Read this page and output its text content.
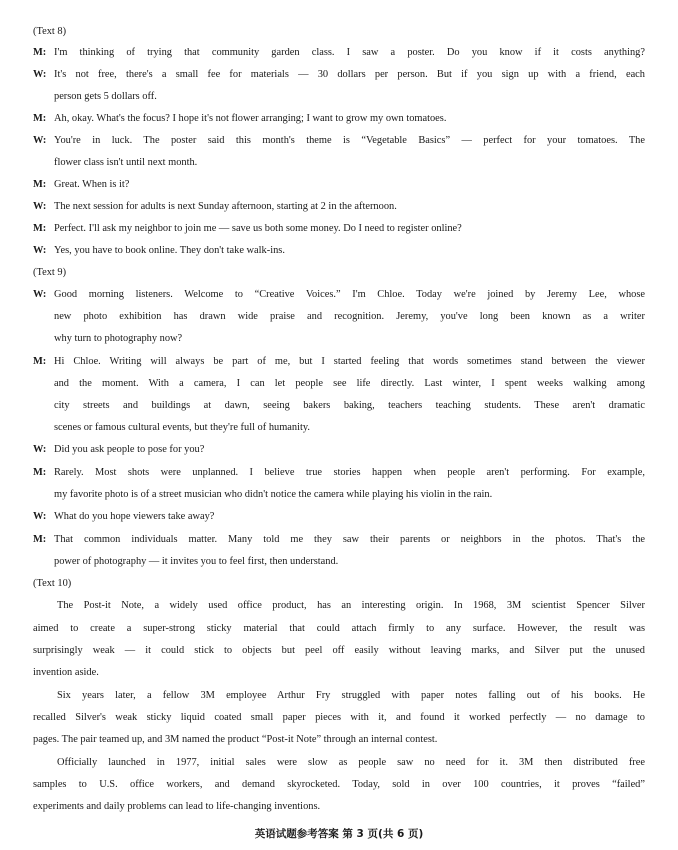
(Text 8)
M: I'm thinking of trying that community garden class. I saw a poster. Do you know if it costs anything?
W: It's not free, there's a small fee for materials — 30 dollars per person. But if you sign up with a friend, each
person gets 5 dollars off.
M: Ah, okay. What's the focus? I hope it's not flower arranging; I want to grow my own tomatoes.
W: You're in luck. The poster said this month's theme is “Vegetable Basics” — perfect for your tomatoes. The
flower class isn't until next month.
M: Great. When is it?
W: The next session for adults is next Sunday afternoon, starting at 2 in the afternoon.
M: Perfect. I'll ask my neighbor to join me — save us both some money. Do I need to register online?
W: Yes, you have to book online. They don't take walk-ins.
(Text 9)
W: Good morning listeners. Welcome to “Creative Voices.” I'm Chloe. Today we're joined by Jeremy Lee, whose
new photo exhibition has drawn wide praise and recognition. Jeremy, you've long been known as a writer
why turn to photography now?
M: Hi Chloe. Writing will always be part of me, but I started feeling that words sometimes stand between the viewer
and the moment. With a camera, I can let people see life directly. Last winter, I spent weeks walking among
city streets and buildings at dawn, seeing bakers baking, teachers teaching students. These aren't dramatic
scenes or famous cultural events, but they're full of humanity.
W: Did you ask people to pose for you?
M: Rarely. Most shots were unplanned. I believe true stories happen when people aren't performing. For example,
my favorite photo is of a street musician who didn't notice the camera while playing his violin in the rain.
W: What do you hope viewers take away?
M: That common individuals matter. Many told me they saw their parents or neighbors in the photos. That's the
power of photography — it invites you to feel first, then understand.
(Text 10)
The Post-it Note, a widely used office product, has an interesting origin. In 1968, 3M scientist Spencer Silver
aimed to create a super-strong sticky material that could attach firmly to any surface. However, the result was
surprisingly weak — it could stick to objects but peel off easily without leaving marks, and Silver put the unused
invention aside.
Six years later, a fellow 3M employee Arthur Fry struggled with paper notes falling out of his books. He
recalled Silver's weak sticky liquid coated small paper pieces with it, and found it worked perfectly — no damage to
pages. The pair teamed up, and 3M named the product “Post-it Note” through an internal contest.
Officially launched in 1977, initial sales were slow as people saw no need for it. 3M then distributed free
samples to U.S. office workers, and demand skyrocketed. Today, sold in over 100 countries, it proves “failed”
experiments and daily problems can lead to life-changing inventions.
英语试题参考答案 第 3 页(共 6 页)
